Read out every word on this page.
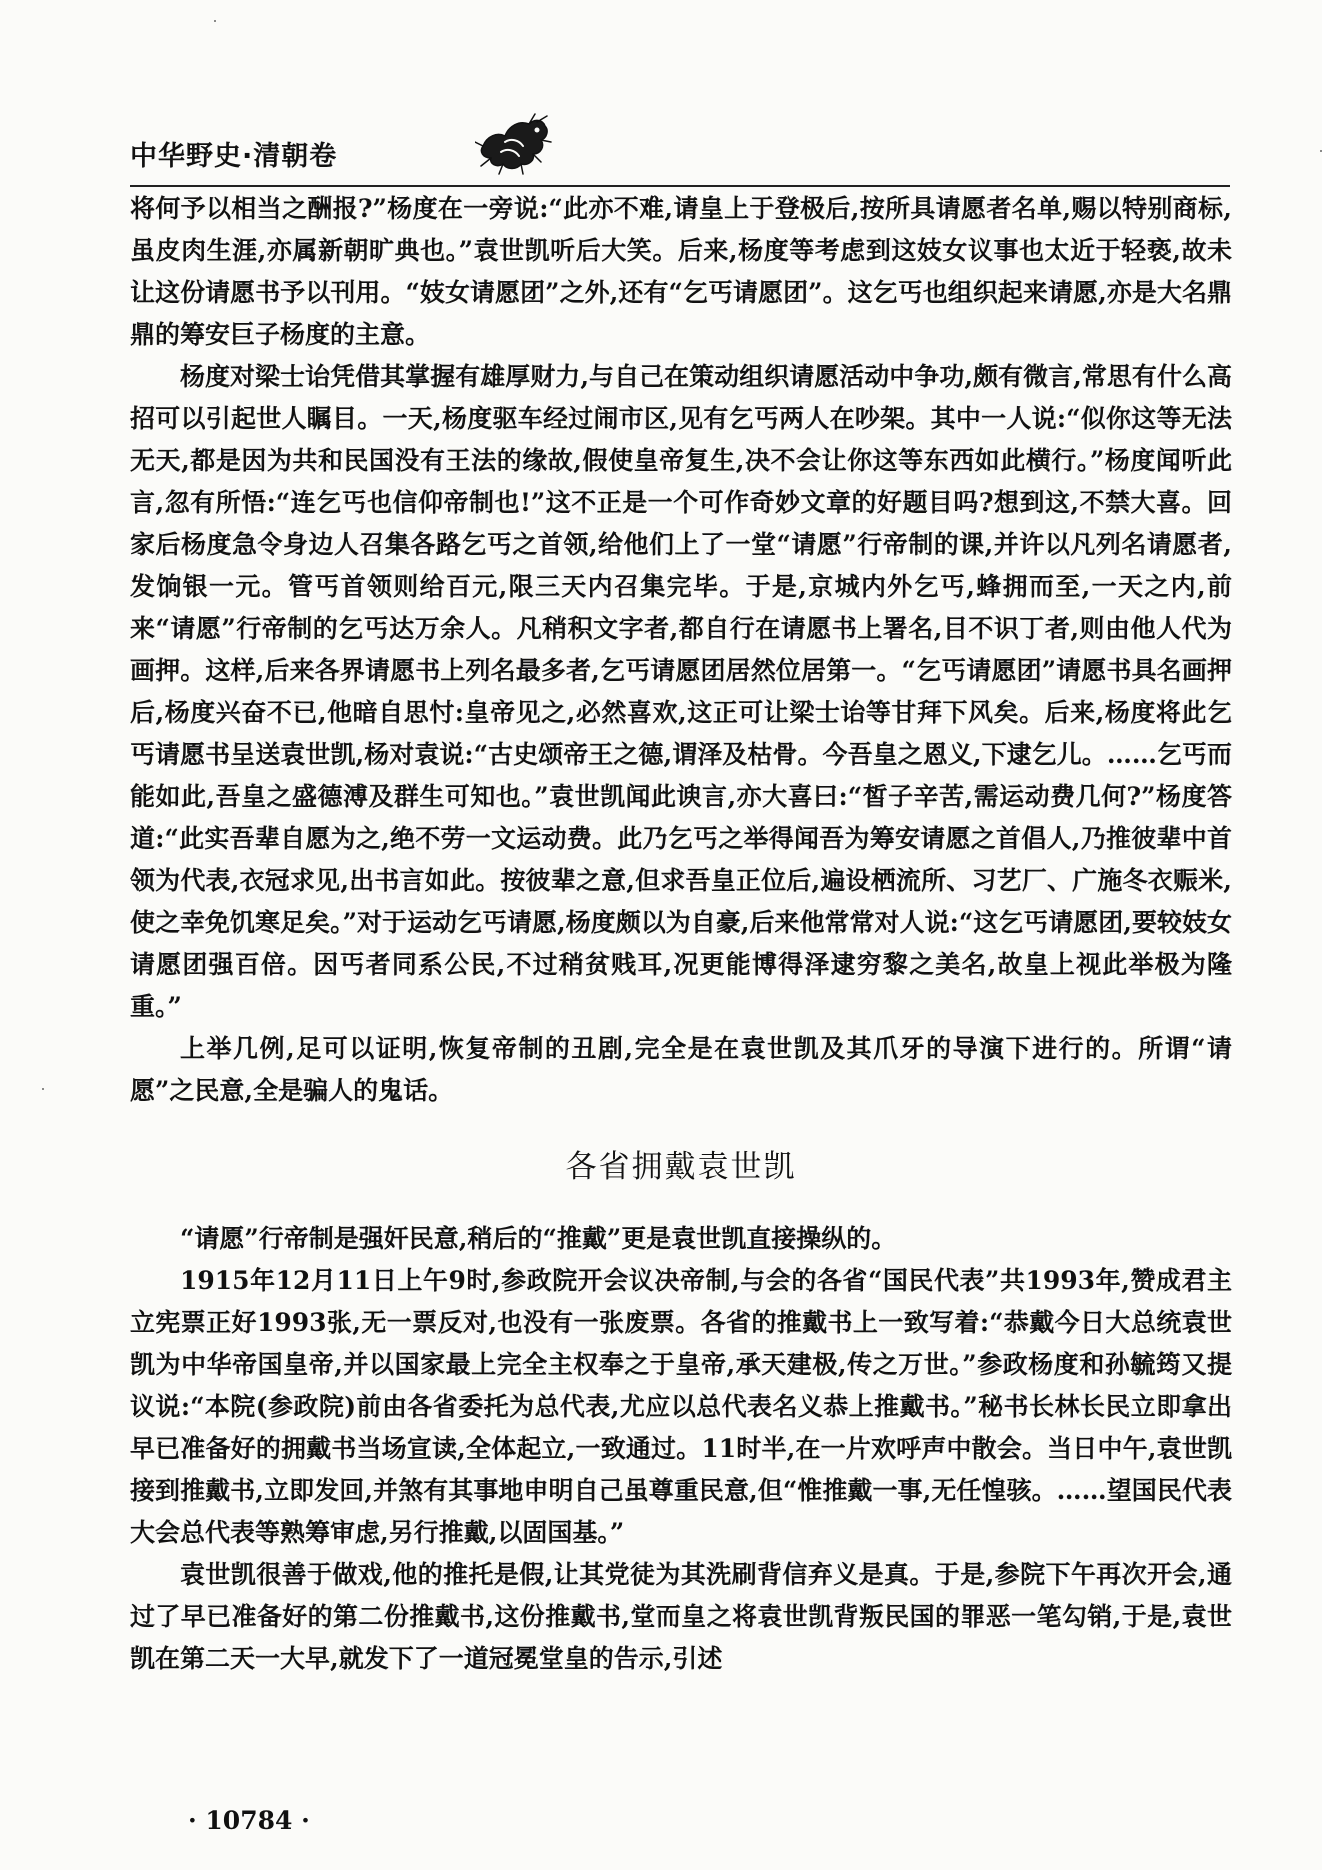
中华野史·清朝卷

将何予以相当之酬报?”杨度在一旁说:“此亦不难,请皇上于登极后,按所具请愿者名单,赐以特别商标,虽皮肉生涯,亦属新朝旷典也。”袁世凯听后大笑。后来,杨度等考虑到这妓女议事也太近于轻亵,故未让这份请愿书予以刊用。“妓女请愿团”之外,还有“乞丐请愿团”。这乞丐也组织起来请愿,亦是大名鼎鼎的筹安巨子杨度的主意。

杨度对梁士诒凭借其掌握有雄厚财力,与自己在策动组织请愿活动中争功,颇有微言,常思有什么高招可以引起世人瞩目。一天,杨度驱车经过闹市区,见有乞丐两人在吵架。其中一人说:“似你这等无法无天,都是因为共和民国没有王法的缘故,假使皇帝复生,决不会让你这等东西如此横行。”杨度闻听此言,忽有所悟:“连乞丐也信仰帝制也!”这不正是一个可作奇妙文章的好题目吗?想到这,不禁大喜。回家后杨度急令身边人召集各路乞丐之首领,给他们上了一堂“请愿”行帝制的课,并许以凡列名请愿者,发饷银一元。管丐首领则给百元,限三天内召集完毕。于是,京城内外乞丐,蜂拥而至,一天之内,前来“请愿”行帝制的乞丐达万余人。凡稍积文字者,都自行在请愿书上署名,目不识丁者,则由他人代为画押。这样,后来各界请愿书上列名最多者,乞丐请愿团居然位居第一。“乞丐请愿团”请愿书具名画押后,杨度兴奋不已,他暗自思忖:皇帝见之,必然喜欢,这正可让梁士诒等甘拜下风矣。后来,杨度将此乞丐请愿书呈送袁世凯,杨对袁说:“古史颂帝王之德,谓泽及枯骨。今吾皇之恩义,下逮乞儿。……乞丐而能如此,吾皇之盛德溥及群生可知也。”袁世凯闻此谀言,亦大喜曰:“皙子辛苦,需运动费几何?”杨度答道:“此实吾辈自愿为之,绝不劳一文运动费。此乃乞丐之举得闻吾为筹安请愿之首倡人,乃推彼辈中首领为代表,衣冠求见,出书言如此。按彼辈之意,但求吾皇正位后,遍设栖流所、习艺厂、广施冬衣赈米,使之幸免饥寒足矣。”对于运动乞丐请愿,杨度颇以为自豪,后来他常常对人说:“这乞丐请愿团,要较妓女请愿团强百倍。因丐者同系公民,不过稍贫贱耳,况更能博得泽逮穷黎之美名,故皇上视此举极为隆重。”

上举几例,足可以证明,恢复帝制的丑剧,完全是在袁世凯及其爪牙的导演下进行的。所谓“请愿”之民意,全是骗人的鬼话。

各省拥戴袁世凯

“请愿”行帝制是强奸民意,稍后的“推戴”更是袁世凯直接操纵的。

1915年12月11日上午9时,参政院开会议决帝制,与会的各省“国民代表”共1993年,赞成君主立宪票正好1993张,无一票反对,也没有一张废票。各省的推戴书上一致写着:“恭戴今日大总统袁世凯为中华帝国皇帝,并以国家最上完全主权奉之于皇帝,承天建极,传之万世。”参政杨度和孙毓筠又提议说:“本院(参政院)前由各省委托为总代表,尤应以总代表名义恭上推戴书。”秘书长林长民立即拿出早已准备好的拥戴书当场宣读,全体起立,一致通过。11时半,在一片欢呼声中散会。当日中午,袁世凯接到推戴书,立即发回,并煞有其事地申明自己虽尊重民意,但“惟推戴一事,无任惶骇。……望国民代表大会总代表等熟筹审虑,另行推戴,以固国基。”

袁世凯很善于做戏,他的推托是假,让其党徒为其洗刷背信弃义是真。于是,参院下午再次开会,通过了早已准备好的第二份推戴书,这份推戴书,堂而皇之将袁世凯背叛民国的罪恶一笔勾销,于是,袁世凯在第二天一大早,就发下了一道冠冕堂皇的告示,引述

· 10784 ·
